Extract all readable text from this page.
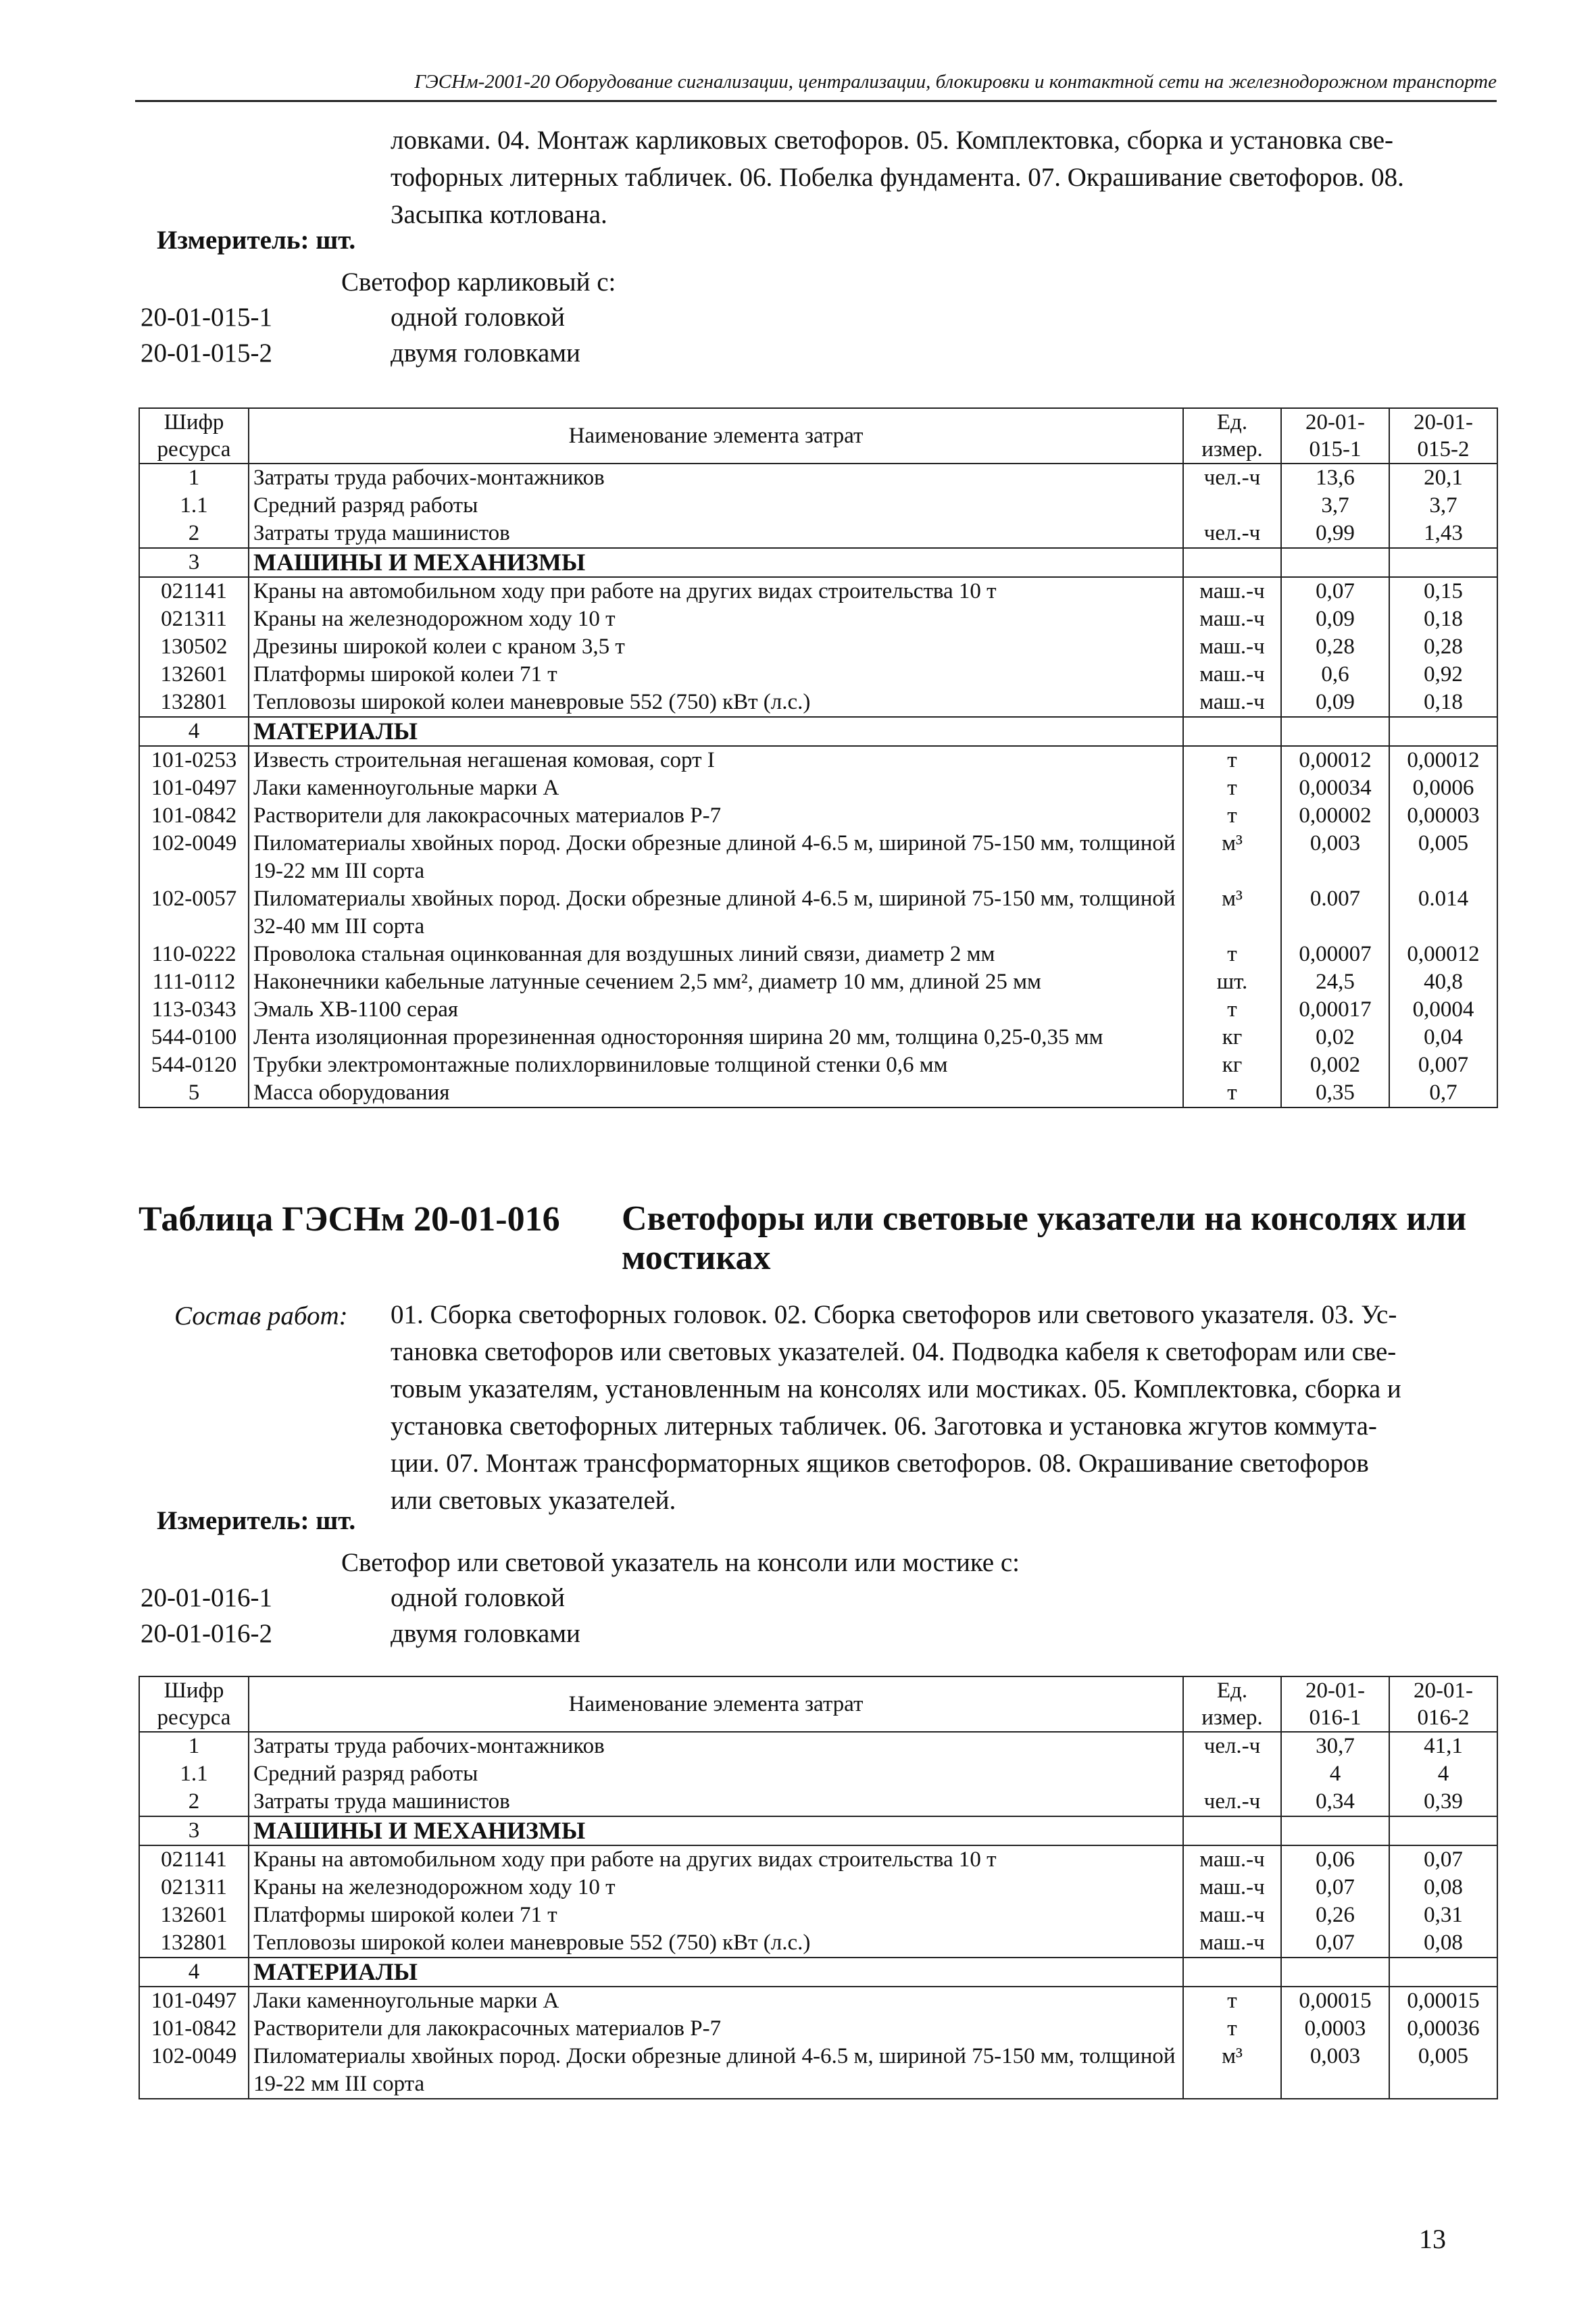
ГЭСНм-2001-20 Оборудование сигнализации, централизации, блокировки и контактной сети на железнодорожном транспорте
ловками. 04. Монтаж карликовых светофоров. 05. Комплектовка, сборка и установка све-
тофорных литерных табличек. 06. Побелка фундамента. 07. Окрашивание светофоров. 08.
Засыпка котлована.
Измеритель: шт.
Светофор карликовый с:
20-01-015-1	одной головкой
20-01-015-2	двумя головками
Шифр ресурса	Наименование элемента затрат	Ед. измер.	20-01-015-1	20-01-015-2
1	Затраты труда рабочих-монтажников	чел.-ч	13,6	20,1
1.1	Средний разряд работы		3,7	3,7
2	Затраты труда машинистов	чел.-ч	0,99	1,43
3	МАШИНЫ И МЕХАНИЗМЫ			
021141	Краны на автомобильном ходу при работе на других видах строительства 10 т	маш.-ч	0,07	0,15
021311	Краны на железнодорожном ходу 10 т	маш.-ч	0,09	0,18
130502	Дрезины широкой колеи с краном 3,5 т	маш.-ч	0,28	0,28
132601	Платформы широкой колеи 71 т	маш.-ч	0,6	0,92
132801	Тепловозы широкой колеи маневровые 552 (750) кВт (л.с.)	маш.-ч	0,09	0,18
4	МАТЕРИАЛЫ			
101-0253	Известь строительная негашеная комовая, сорт I	т	0,00012	0,00012
101-0497	Лаки каменноугольные марки А	т	0,00034	0,0006
101-0842	Растворители для лакокрасочных материалов Р-7	т	0,00002	0,00003
102-0049	Пиломатериалы хвойных пород. Доски обрезные длиной 4-6.5 м, шириной 75-150 мм, толщиной 19-22 мм III сорта	м³	0,003	0,005
102-0057	Пиломатериалы хвойных пород. Доски обрезные длиной 4-6.5 м, шириной 75-150 мм, толщиной 32-40 мм III сорта	м³	0.007	0.014
110-0222	Проволока стальная оцинкованная для воздушных линий связи, диаметр 2 мм	т	0,00007	0,00012
111-0112	Наконечники кабельные латунные сечением 2,5 мм², диаметр 10 мм, длиной 25 мм	шт.	24,5	40,8
113-0343	Эмаль ХВ-1100 серая	т	0,00017	0,0004
544-0100	Лента изоляционная прорезиненная односторонняя ширина 20 мм, толщина 0,25-0,35 мм	кг	0,02	0,04
544-0120	Трубки электромонтажные полихлорвиниловые толщиной стенки 0,6 мм	кг	0,002	0,007
5	Масса оборудования	т	0,35	0,7
Таблица ГЭСНм 20-01-016 Светофоры или световые указатели на консолях или
мостиках
Состав работ: 01. Сборка светофорных головок. 02. Сборка светофоров или светового указателя. 03. Ус-
тановка светофоров или световых указателей. 04. Подводка кабеля к светофорам или све-
товым указателям, установленным на консолях или мостиках. 05. Комплектовка, сборка и
установка светофорных литерных табличек. 06. Заготовка и установка жгутов коммута-
ции. 07. Монтаж трансформаторных ящиков светофоров. 08. Окрашивание светофоров
или световых указателей.
Измеритель: шт.
Светофор или световой указатель на консоли или мостике с:
20-01-016-1	одной головкой
20-01-016-2	двумя головками
Шифр ресурса	Наименование элемента затрат	Ед. измер.	20-01-016-1	20-01-016-2
1	Затраты труда рабочих-монтажников	чел.-ч	30,7	41,1
1.1	Средний разряд работы		4	4
2	Затраты труда машинистов	чел.-ч	0,34	0,39
3	МАШИНЫ И МЕХАНИЗМЫ			
021141	Краны на автомобильном ходу при работе на других видах строительства 10 т	маш.-ч	0,06	0,07
021311	Краны на железнодорожном ходу 10 т	маш.-ч	0,07	0,08
132601	Платформы широкой колеи 71 т	маш.-ч	0,26	0,31
132801	Тепловозы широкой колеи маневровые 552 (750) кВт (л.с.)	маш.-ч	0,07	0,08
4	МАТЕРИАЛЫ			
101-0497	Лаки каменноугольные марки А	т	0,00015	0,00015
101-0842	Растворители для лакокрасочных материалов Р-7	т	0,0003	0,00036
102-0049	Пиломатериалы хвойных пород. Доски обрезные длиной 4-6.5 м, шириной 75-150 мм, толщиной 19-22 мм III сорта	м³	0,003	0,005
13
